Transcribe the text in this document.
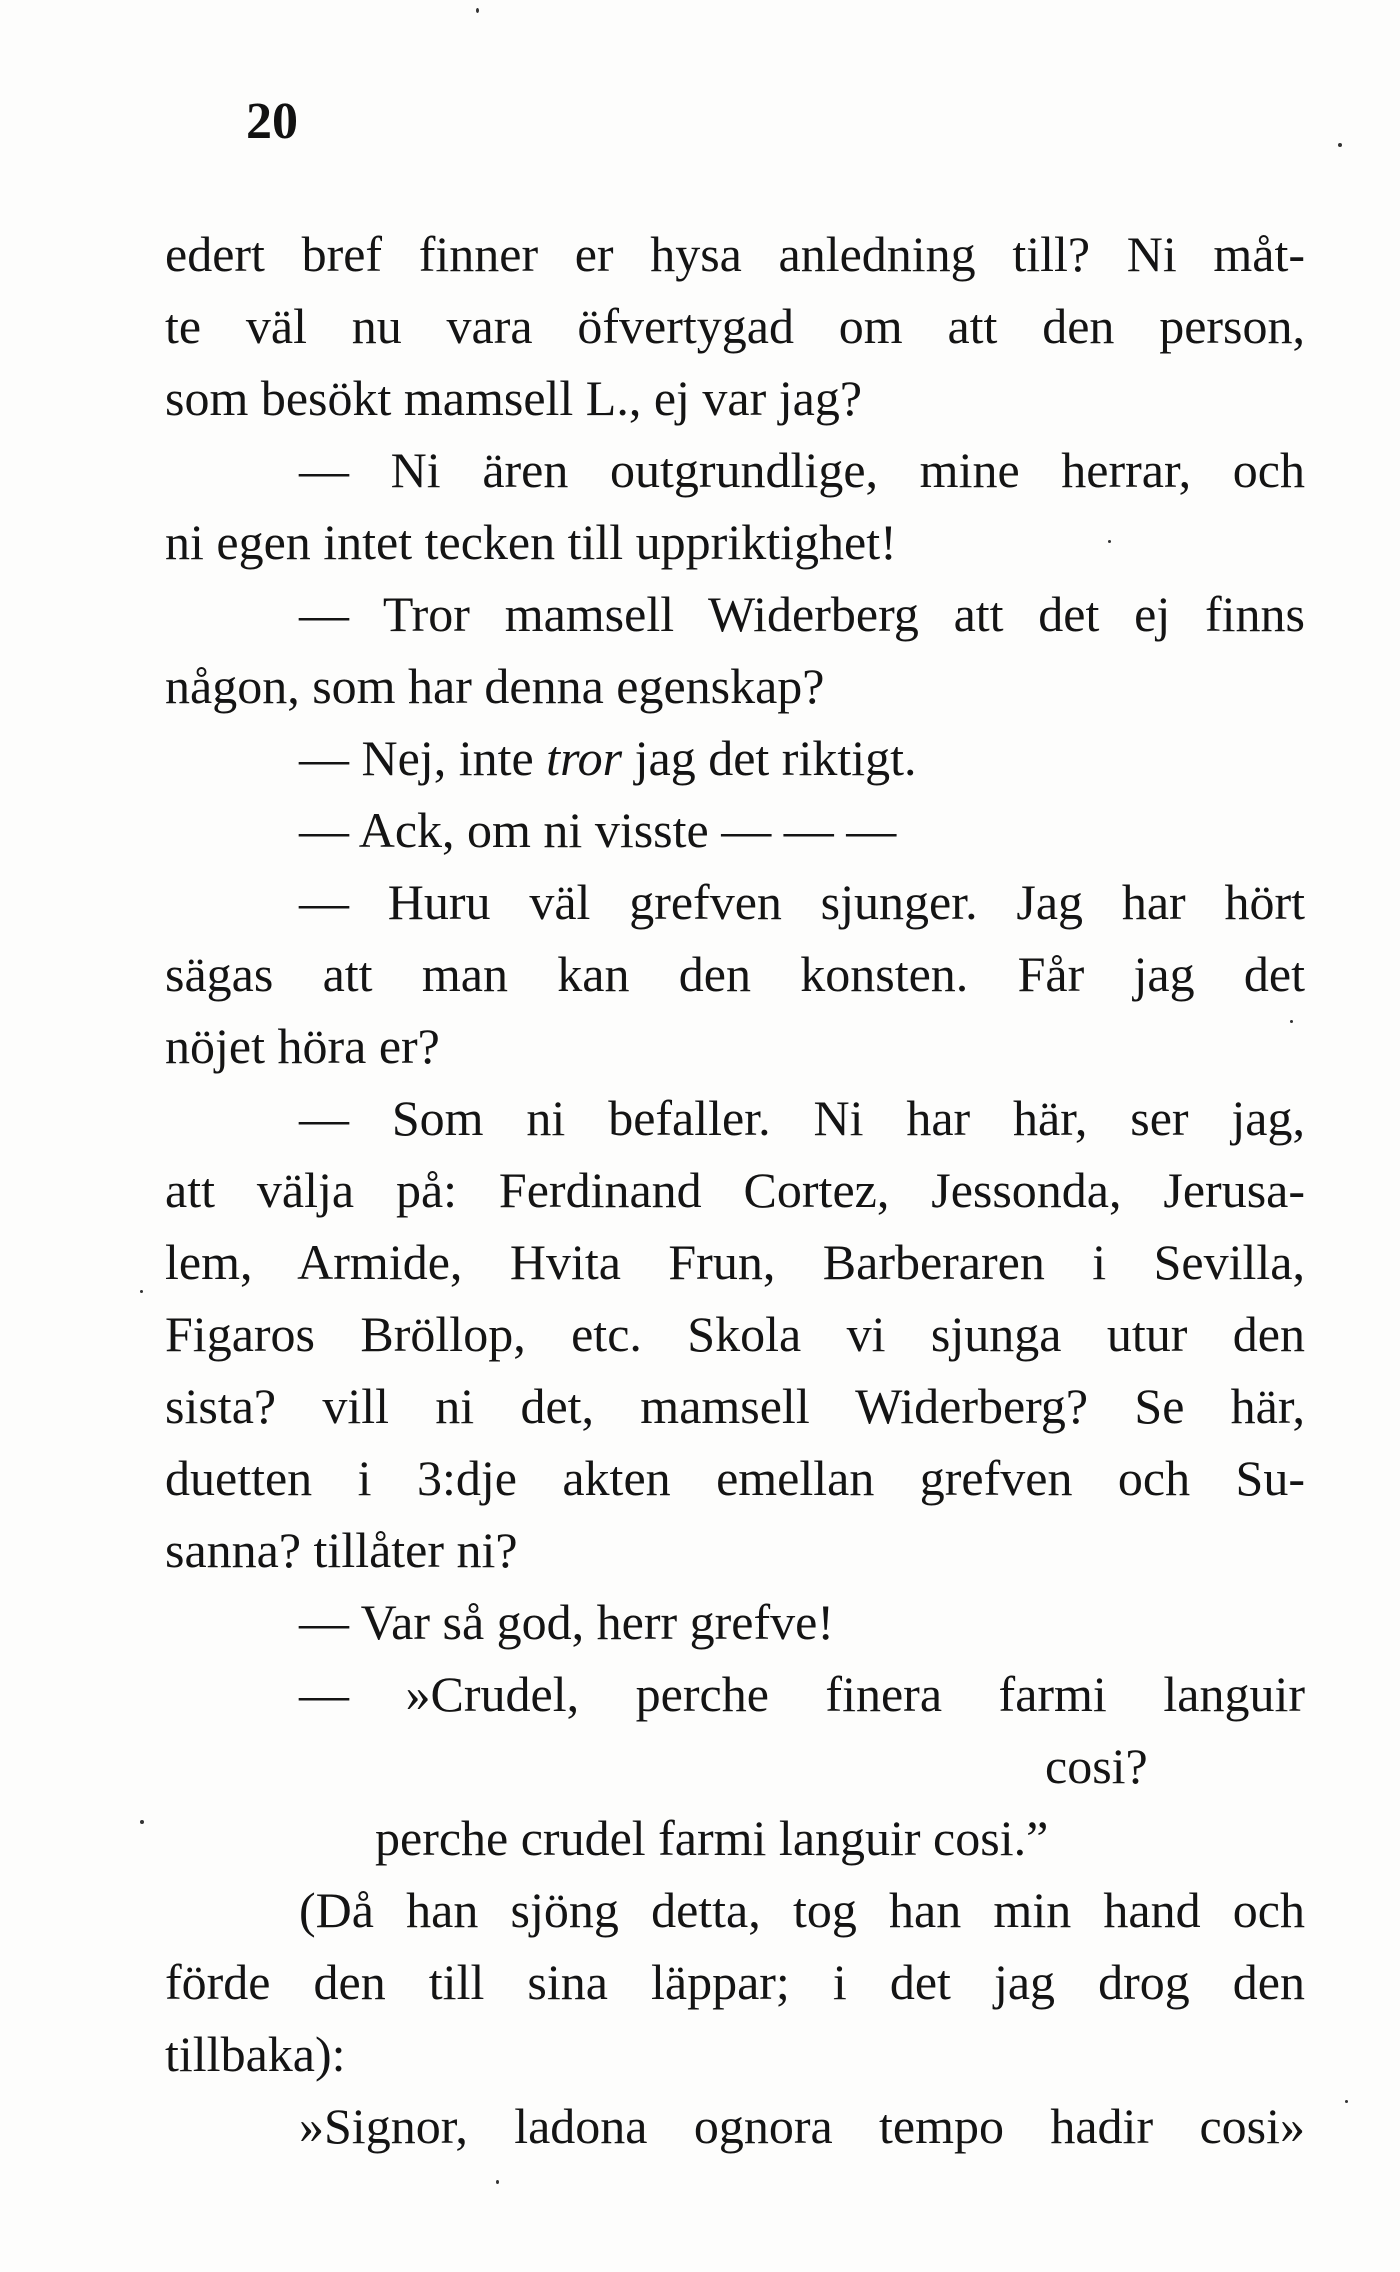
20
edert bref finner er hysa anledning till? Ni måt-
te väl nu vara öfvertygad om att den person,
som besökt mamsell L., ej var jag?
— Ni ären outgrundlige, mine herrar, och
ni egen intet tecken till uppriktighet!
— Tror mamsell Widerberg att det ej finns
någon, som har denna egenskap?
— Nej, inte tror jag det riktigt.
— Ack, om ni visste — — —
— Huru väl grefven sjunger. Jag har hört
sägas att man kan den konsten. Får jag det
nöjet höra er?
— Som ni befaller. Ni har här, ser jag,
att välja på: Ferdinand Cortez, Jessonda, Jerusa-
lem, Armide, Hvita Frun, Barberaren i Sevilla,
Figaros Bröllop, etc. Skola vi sjunga utur den
sista? vill ni det, mamsell Widerberg? Se här,
duetten i 3:dje akten emellan grefven och Su-
sanna? tillåter ni?
— Var så god, herr grefve!
— »Crudel, perche finera farmi languir
cosi?
perche crudel farmi languir cosi.”
(Då han sjöng detta, tog han min hand och
förde den till sina läppar; i det jag drog den
tillbaka):
»Signor, ladona ognora tempo hadir cosi»
